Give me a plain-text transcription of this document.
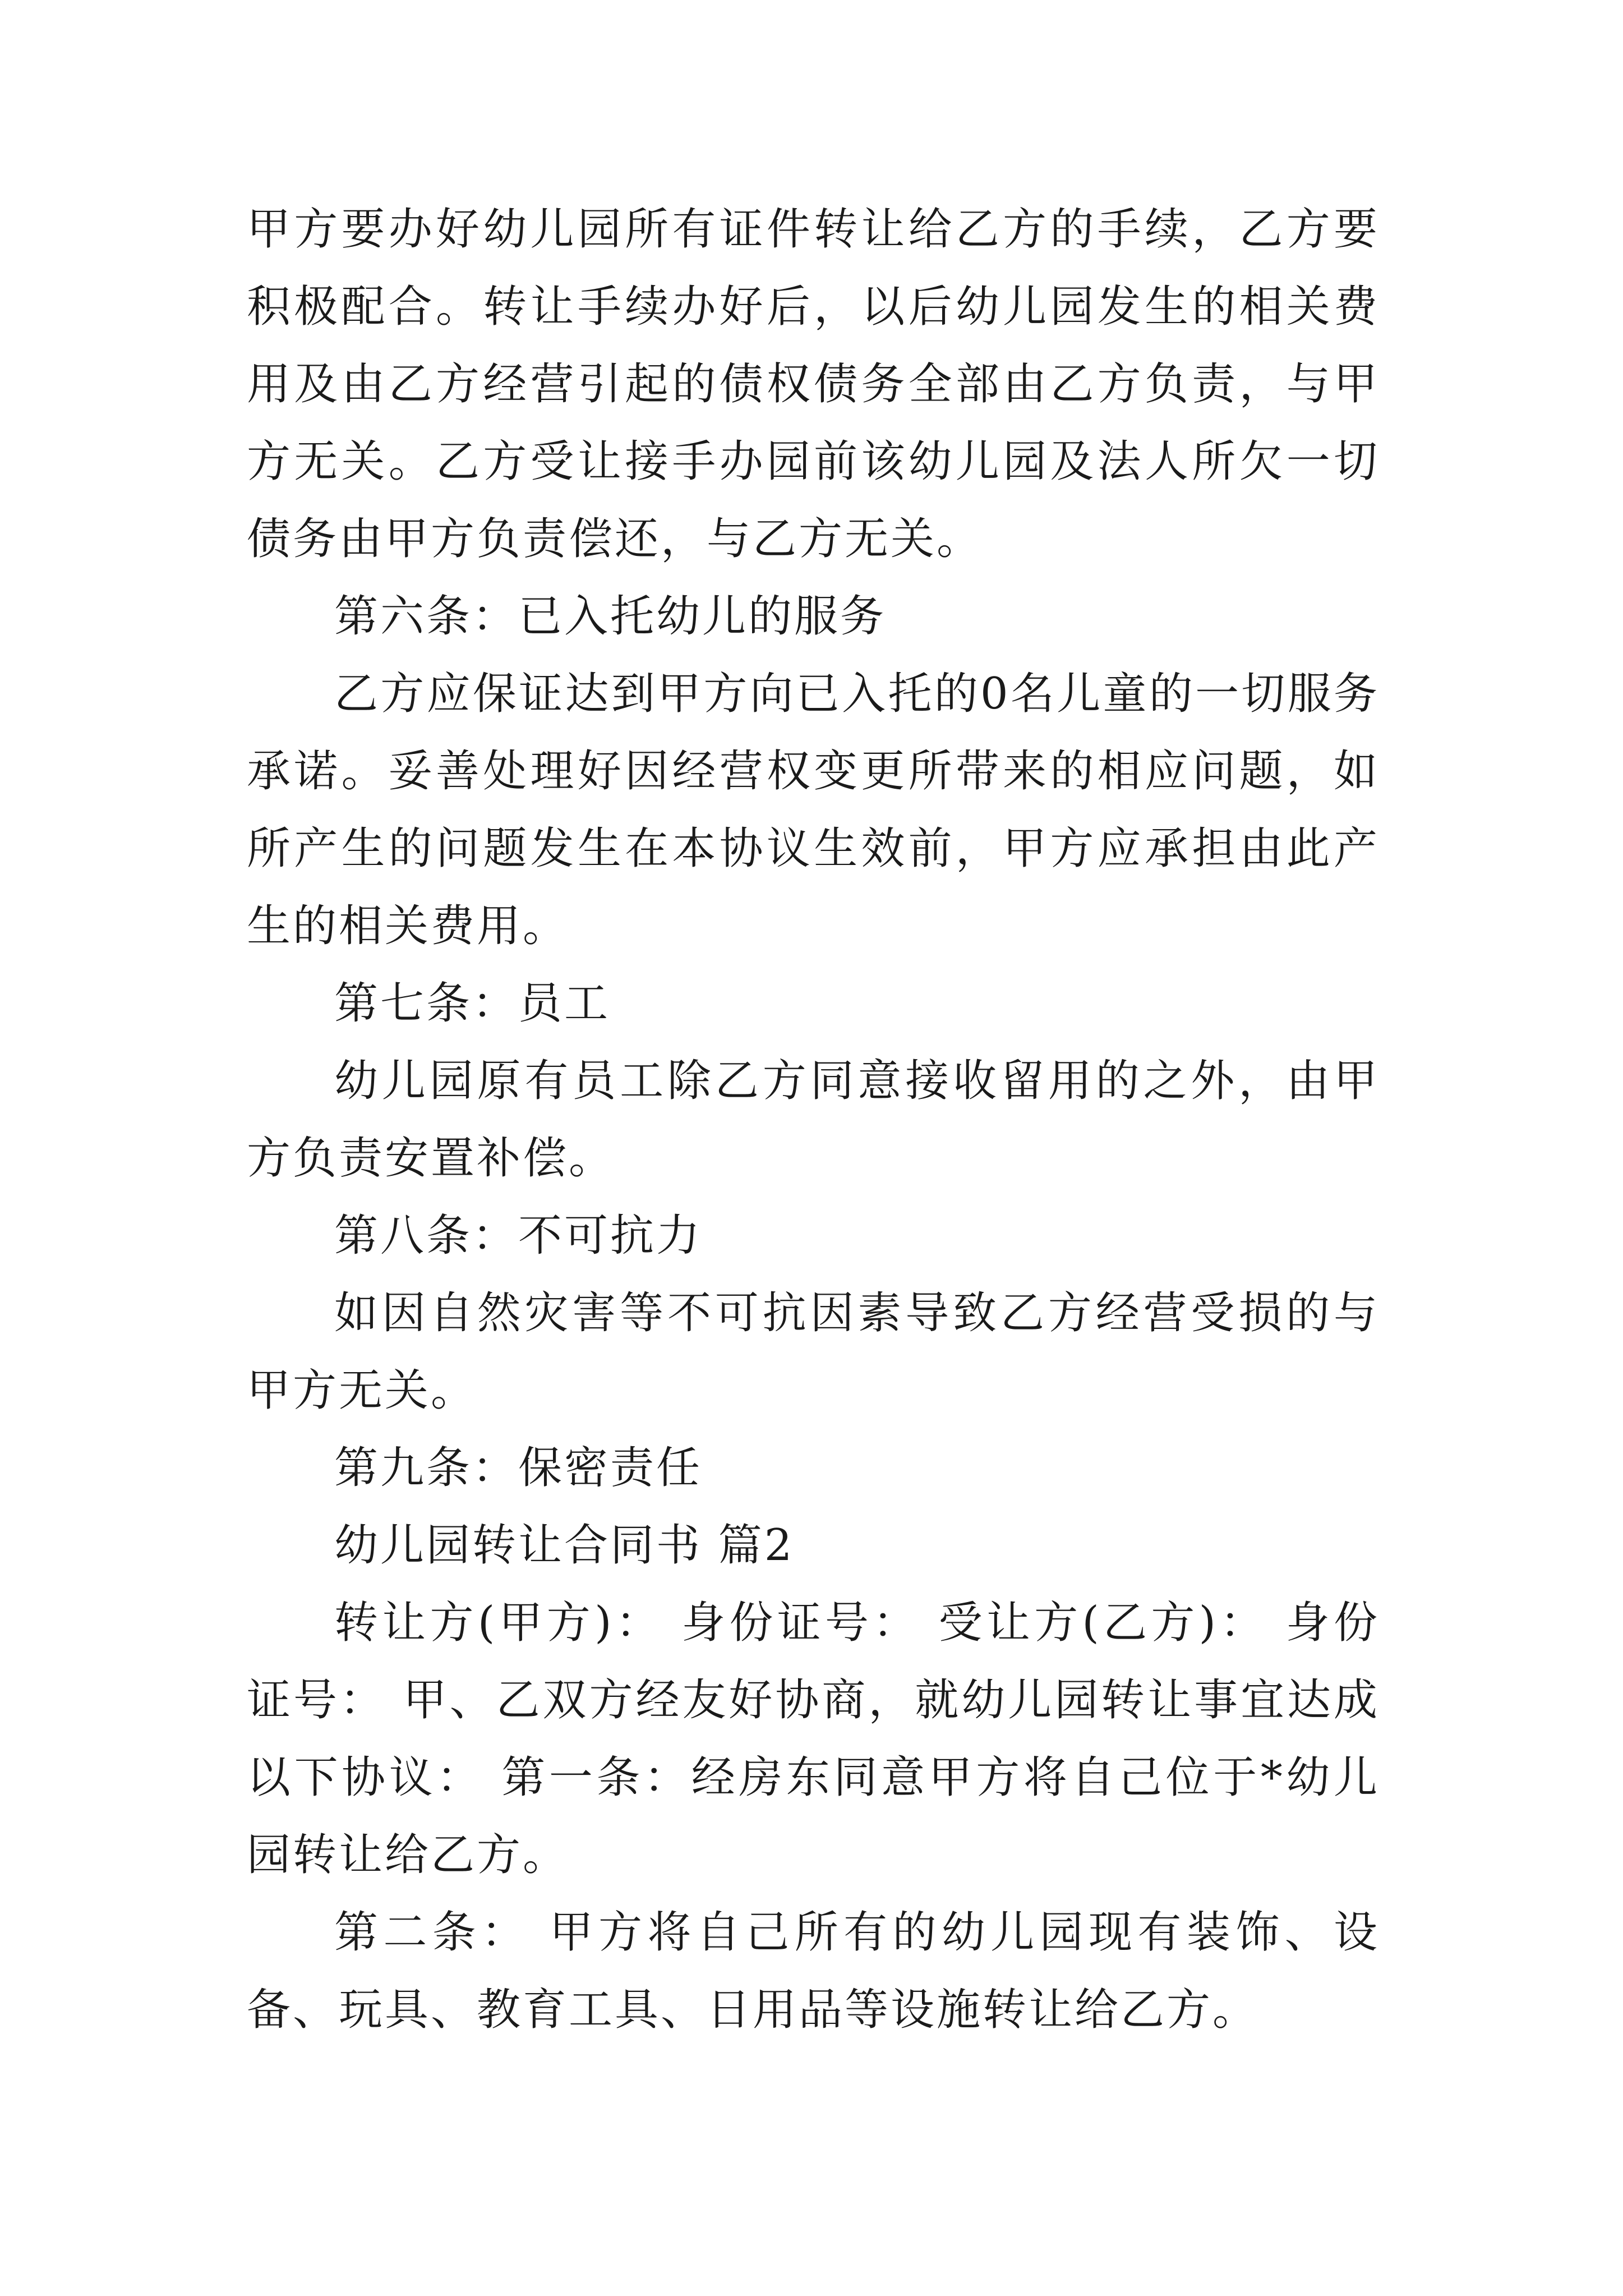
甲方要办好幼儿园所有证件转让给乙方的手续，乙方要积极配合。转让手续办好后，以后幼儿园发生的相关费用及由乙方经营引起的债权债务全部由乙方负责，与甲方无关。乙方受让接手办园前该幼儿园及法人所欠一切债务由甲方负责偿还，与乙方无关。

第六条：已入托幼儿的服务

乙方应保证达到甲方向已入托的0名儿童的一切服务承诺。妥善处理好因经营权变更所带来的相应问题，如所产生的问题发生在本协议生效前，甲方应承担由此产生的相关费用。

第七条：员工

幼儿园原有员工除乙方同意接收留用的之外，由甲方负责安置补偿。

第八条：不可抗力

如因自然灾害等不可抗因素导致乙方经营受损的与甲方无关。

第九条：保密责任

幼儿园转让合同书 篇2

转让方(甲方)： 身份证号： 受让方(乙方)： 身份证号： 甲、乙双方经友好协商，就幼儿园转让事宜达成以下协议： 第一条：经房东同意甲方将自己位于*幼儿园转让给乙方。

第二条： 甲方将自己所有的幼儿园现有装饰、设备、玩具、教育工具、日用品等设施转让给乙方。
